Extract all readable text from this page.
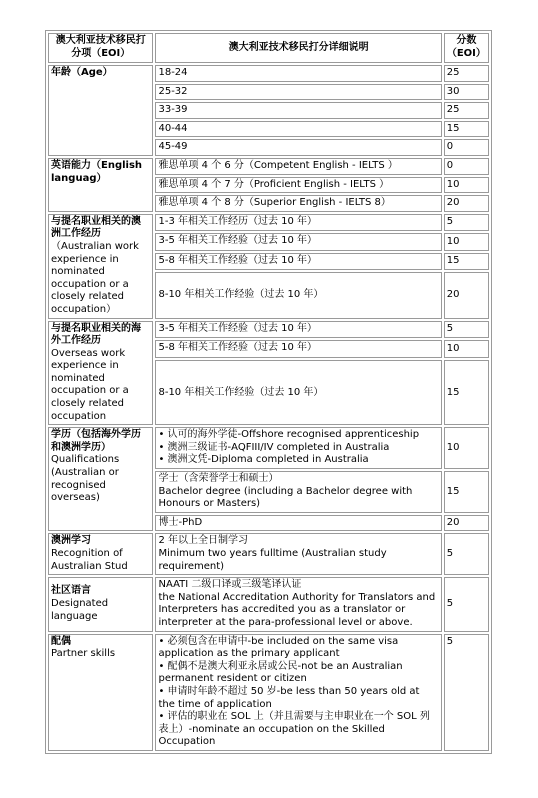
澳大利亚技术移民打分项（EOI）	澳大利亚技术移民打分详细说明	分数（EOI）

年龄（Age）	18-24	25
	25-32	30
	33-39	25
	40-44	15
	45-49	0

英语能力（English languag）	雅思单项 4 个 6 分（Competent English - IELTS ）	0
	雅思单项 4 个 7 分（Proficient English - IELTS ）	10
	雅思单项 4 个 8 分（Superior English - IELTS 8）	20

与提名职业相关的澳洲工作经历
（Australian work experience in nominated occupation or a closely related occupation）	1-3 年相关工作经历（过去 10 年）	5
	3-5 年相关工作经验（过去 10 年）	10
	5-8 年相关工作经验（过去 10 年）	15
	8-10 年相关工作经验（过去 10 年）	20

与提名职业相关的海外工作经历
Overseas work experience in nominated occupation or a closely related occupation	3-5 年相关工作经验（过去 10 年）	5
	5-8 年相关工作经验（过去 10 年）	10
	8-10 年相关工作经验（过去 10 年）	15

学历（包括海外学历和澳洲学历）
Qualifications (Australian or recognised overseas)	• 认可的海外学徒-Offshore recognised apprenticeship
• 澳洲三级证书-AQFIII/IV completed in Australia
• 澳洲文凭-Diploma completed in Australia	10

	学士（含荣誉学士和硕士）
Bachelor degree (including a Bachelor degree with Honours or Masters)	15
	博士-PhD	20

澳洲学习
Recognition of Australian Stud	2 年以上全日制学习
Minimum two years fulltime (Australian study requirement)	5

社区语言
Designated language	NAATI 二级口译或三级笔译认证
the National Accreditation Authority for Translators and Interpreters has accredited you as a translator or interpreter at the para-professional level or above.	5

配偶
Partner skills	• 必须包含在申请中-be included on the same visa application as the primary applicant
• 配偶不是澳大利亚永居或公民-not be an Australian permanent resident or citizen
• 申请时年龄不超过 50 岁-be less than 50 years old at the time of application
• 评估的职业在 SOL 上（并且需要与主申职业在一个 SOL 列表上）-nominate an occupation on the Skilled Occupation	5
